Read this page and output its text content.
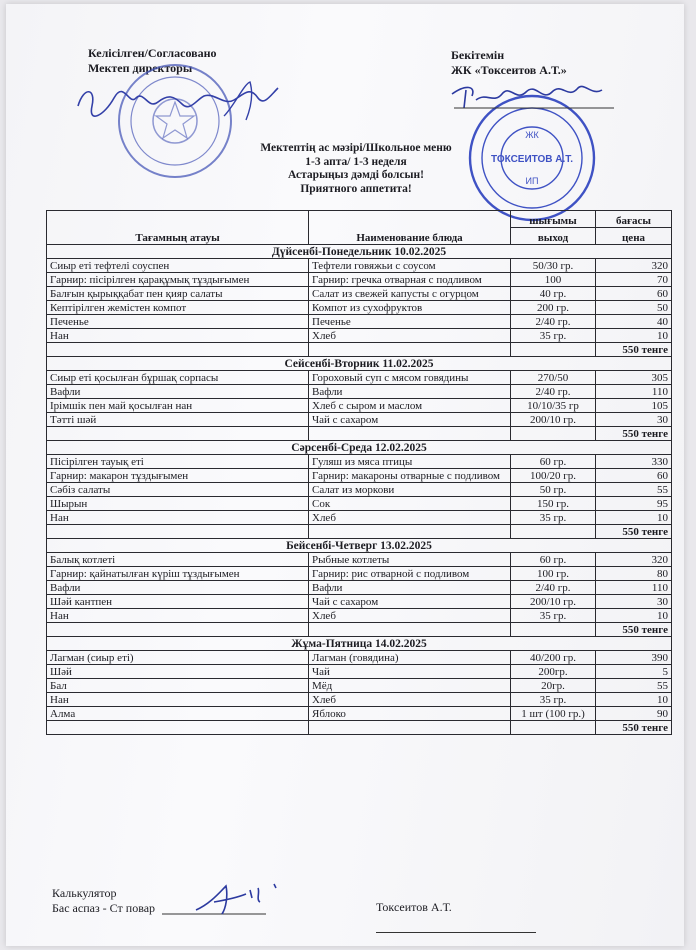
Келісілген/Согласовано
Мектеп директоры
Бекітемін
ЖК «Токсеитов А.Т.»
ЖК
ТОКСЕИТОВ А.Т.
ИП
Мектептің ас мәзірі/Школьное меню
1-3 апта/ 1-3 неделя
Астарыңыз дәмді болсын!
Приятного аппетита!
Тағамның атауы	Наименование блюда	шығымы	бағасы
		выход	цена
Дүйсенбі-Понедельник 10.02.2025			
Сиыр еті тефтелі соуспен	Тефтели говяжьи с соусом	50/30 гр.	320
Гарнир: пісірілген қарақұмық тұздығымен	Гарнир: гречка отварная с подливом	100	70
Балғын қырыққабат пен қияр салаты	Салат из свежей капусты с огурцом	40 гр.	60
Кептірілген жемістен компот	Компот из сухофруктов	200 гр.	50
Печенье	Печенье	2/40 гр.	40
Нан	Хлеб	35 гр.	10
			550 тенге
Сейсенбі-Вторник 11.02.2025			
Сиыр еті қосылған бұршақ сорпасы	Гороховый суп с мясом говядины	270/50	305
Вафли	Вафли	2/40 гр.	110
Ірімшік пен май қосылған нан	Хлеб с сыром и маслом	10/10/35 гр	105
Тәтті шәй	Чай с сахаром	200/10 гр.	30
			550 тенге
Сәрсенбі-Среда 12.02.2025			
Пісірілген тауық еті	Гуляш из мяса птицы	60 гр.	330
Гарнир: макарон тұздығымен	Гарнир: макароны отварные с подливом	100/20 гр.	60
Сәбіз салаты	Салат из моркови	50 гр.	55
Шырын	Сок	150 гр.	95
Нан	Хлеб	35 гр.	10
			550 тенге
Бейсенбі-Четверг 13.02.2025			
Балық котлеті	Рыбные котлеты	60 гр.	320
Гарнир: қайнатылған күріш тұздығымен	Гарнир: рис отварной с подливом	100 гр.	80
Вафли	Вафли	2/40 гр.	110
Шәй кантпен	Чай с сахаром	200/10 гр.	30
Нан	Хлеб	35 гр.	10
			550 тенге
Жұма-Пятница 14.02.2025			
Лагман (сиыр еті)	Лагман (говядина)	40/200 гр.	390
Шәй	Чай	200гр.	5
Бал	Мёд	20гр.	55
Нан	Хлеб	35 гр.	10
Алма	Яблоко	1 шт (100 гр.)	90
			550 тенге
Калькулятор
Бас аспаз - Ст повар	Токсеитов А.Т.
